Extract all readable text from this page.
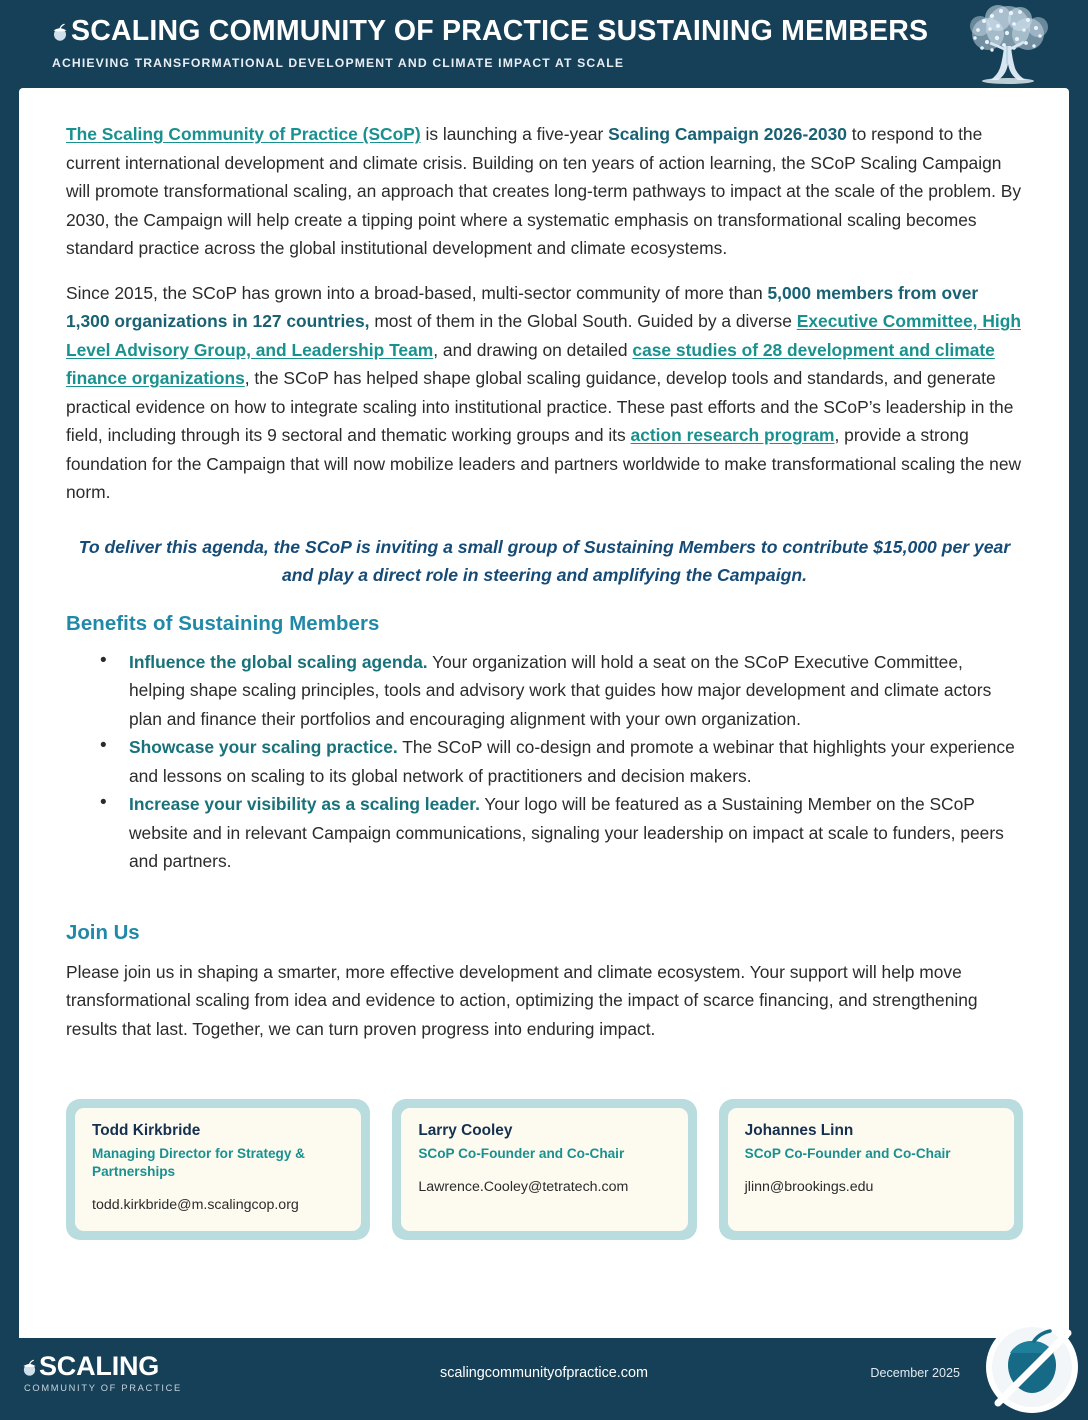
SCALING COMMUNITY OF PRACTICE SUSTAINING MEMBERS
ACHIEVING TRANSFORMATIONAL DEVELOPMENT AND CLIMATE IMPACT AT SCALE

The Scaling Community of Practice (SCoP) is launching a five-year Scaling Campaign 2026-2030 to respond to the current international development and climate crisis. Building on ten years of action learning, the SCoP Scaling Campaign will promote transformational scaling, an approach that creates long-term pathways to impact at the scale of the problem. By 2030, the Campaign will help create a tipping point where a systematic emphasis on transformational scaling becomes standard practice across the global institutional development and climate ecosystems.

Since 2015, the SCoP has grown into a broad-based, multi-sector community of more than 5,000 members from over 1,300 organizations in 127 countries, most of them in the Global South. Guided by a diverse Executive Committee, High Level Advisory Group, and Leadership Team, and drawing on detailed case studies of 28 development and climate finance organizations, the SCoP has helped shape global scaling guidance, develop tools and standards, and generate practical evidence on how to integrate scaling into institutional practice. These past efforts and the SCoP’s leadership in the field, including through its 9 sectoral and thematic working groups and its action research program, provide a strong foundation for the Campaign that will now mobilize leaders and partners worldwide to make transformational scaling the new norm.

To deliver this agenda, the SCoP is inviting a small group of Sustaining Members to contribute $15,000 per year and play a direct role in steering and amplifying the Campaign.

Benefits of Sustaining Members
• Influence the global scaling agenda. Your organization will hold a seat on the SCoP Executive Committee, helping shape scaling principles, tools and advisory work that guides how major development and climate actors plan and finance their portfolios and encouraging alignment with your own organization.
• Showcase your scaling practice. The SCoP will co-design and promote a webinar that highlights your experience and lessons on scaling to its global network of practitioners and decision makers.
• Increase your visibility as a scaling leader. Your logo will be featured as a Sustaining Member on the SCoP website and in relevant Campaign communications, signaling your leadership on impact at scale to funders, peers and partners.
Join Us

Please join us in shaping a smarter, more effective development and climate ecosystem. Your support will help move transformational scaling from idea and evidence to action, optimizing the impact of scarce financing, and strengthening results that last. Together, we can turn proven progress into enduring impact.

Todd Kirkbride
Managing Director for Strategy & Partnerships
todd.kirkbride@m.scalingcop.org
Larry Cooley
SCoP Co-Founder and Co-Chair
Lawrence.Cooley@tetratech.com
Johannes Linn
SCoP Co-Founder and Co-Chair
jlinn@brookings.edu
SCALING
COMMUNITY OF PRACTICE
scalingcommunityofpractice.com	December 2025
